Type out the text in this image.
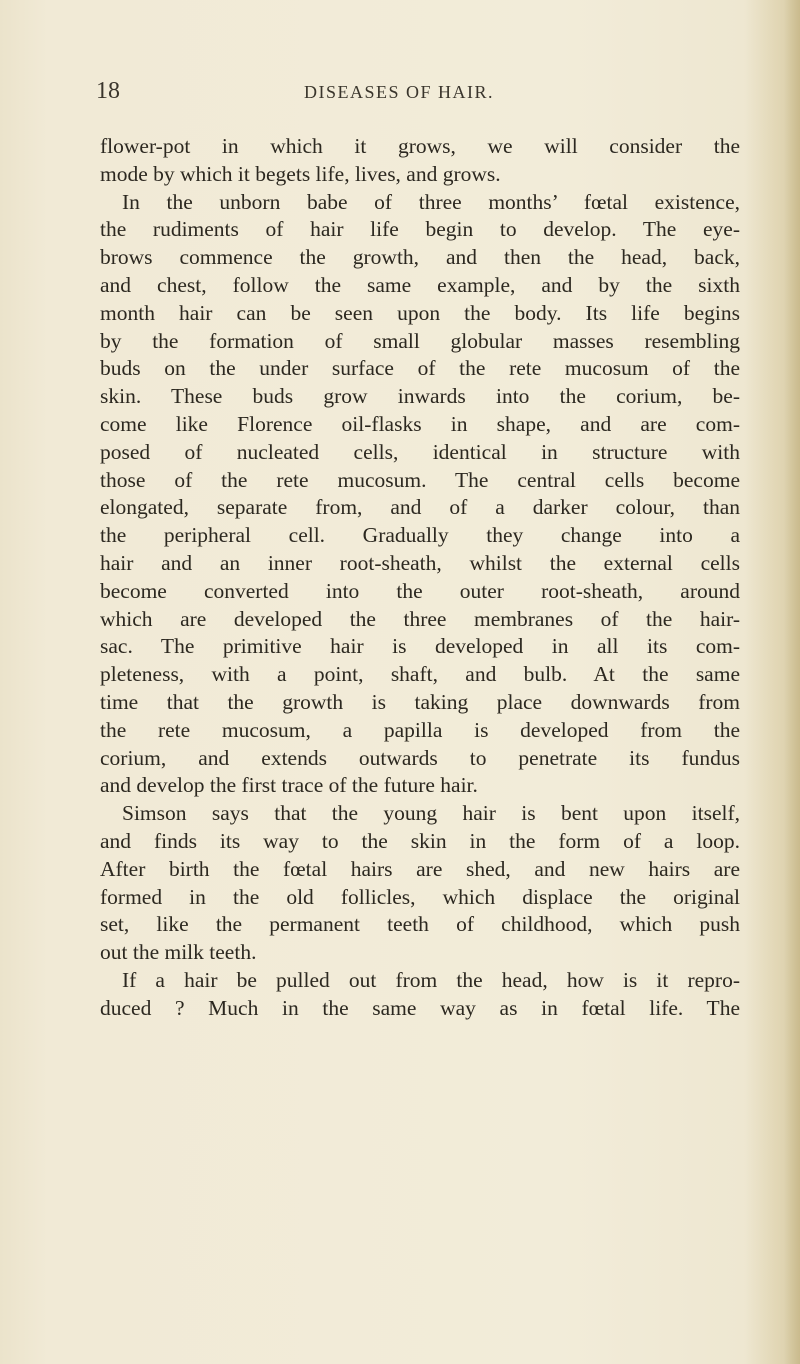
18	DISEASES OF HAIR.
flower-pot in which it grows, we will consider the
mode by which it begets life, lives, and grows.
In the unborn babe of three months’ fœtal existence,
the rudiments of hair life begin to develop. The eye-
brows commence the growth, and then the head, back,
and chest, follow the same example, and by the sixth
month hair can be seen upon the body. Its life begins
by the formation of small globular masses resembling
buds on the under surface of the rete mucosum of the
skin. These buds grow inwards into the corium, be-
come like Florence oil-flasks in shape, and are com-
posed of nucleated cells, identical in structure with
those of the rete mucosum. The central cells become
elongated, separate from, and of a darker colour, than
the peripheral cell. Gradually they change into a
hair and an inner root-sheath, whilst the external cells
become converted into the outer root-sheath, around
which are developed the three membranes of the hair-
sac. The primitive hair is developed in all its com-
pleteness, with a point, shaft, and bulb. At the same
time that the growth is taking place downwards from
the rete mucosum, a papilla is developed from the
corium, and extends outwards to penetrate its fundus
and develop the first trace of the future hair.
Simson says that the young hair is bent upon itself,
and finds its way to the skin in the form of a loop.
After birth the fœtal hairs are shed, and new hairs are
formed in the old follicles, which displace the original
set, like the permanent teeth of childhood, which push
out the milk teeth.
If a hair be pulled out from the head, how is it repro-
duced ? Much in the same way as in fœtal life. The
